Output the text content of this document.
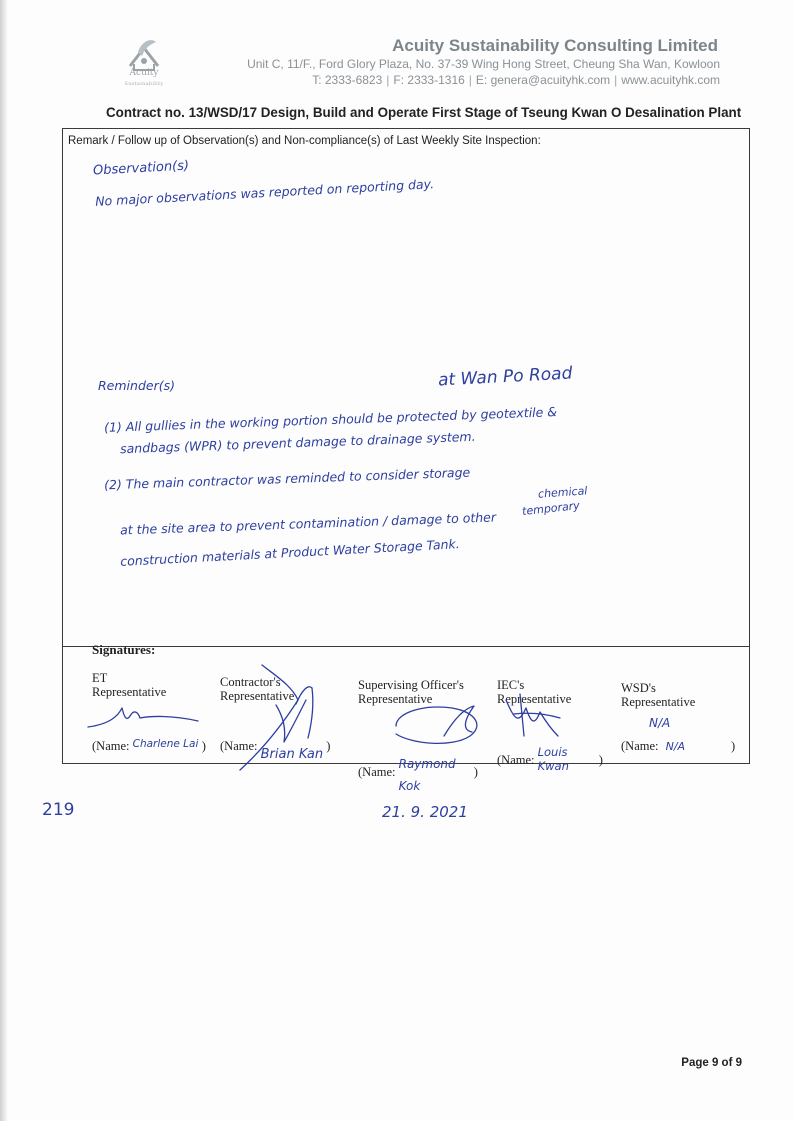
Acuity
Sustainability
Acuity Sustainability Consulting Limited
Unit C, 11/F., Ford Glory Plaza, No. 37-39 Wing Hong Street, Cheung Sha Wan, Kowloon
T: 2333-6823 | F: 2333-1316 | E: genera@acuityhk.com | www.acuityhk.com
Contract no. 13/WSD/17 Design, Build and Operate First Stage of Tseung Kwan O Desalination Plant
Remark / Follow up of Observation(s) and Non-compliance(s) of Last Weekly Site Inspection:
Observation(s)
No major observations was reported on reporting day.
at Wan Po Road
Reminder(s)
(1) All gullies in the working portion should be protected by geotextile &
sandbags (WPR) to prevent damage to drainage system.
chemical
temporary
(2) The main contractor was reminded to consider storage
at the site area to prevent contamination / damage to other
construction materials at Product Water Storage Tank.
Signatures:
ET
Representative
Contractor's
Representative
Supervising Officer's
Representative
IEC's
Representative
WSD's
Representative
(Name: Charlene Lai ) (Name: Brian Kan )
(Name: Raymond Kok )
(Name: Louis Kwan )
(Name: N/A	)
N/A
219	21. 9. 2021
Page 9 of 9
